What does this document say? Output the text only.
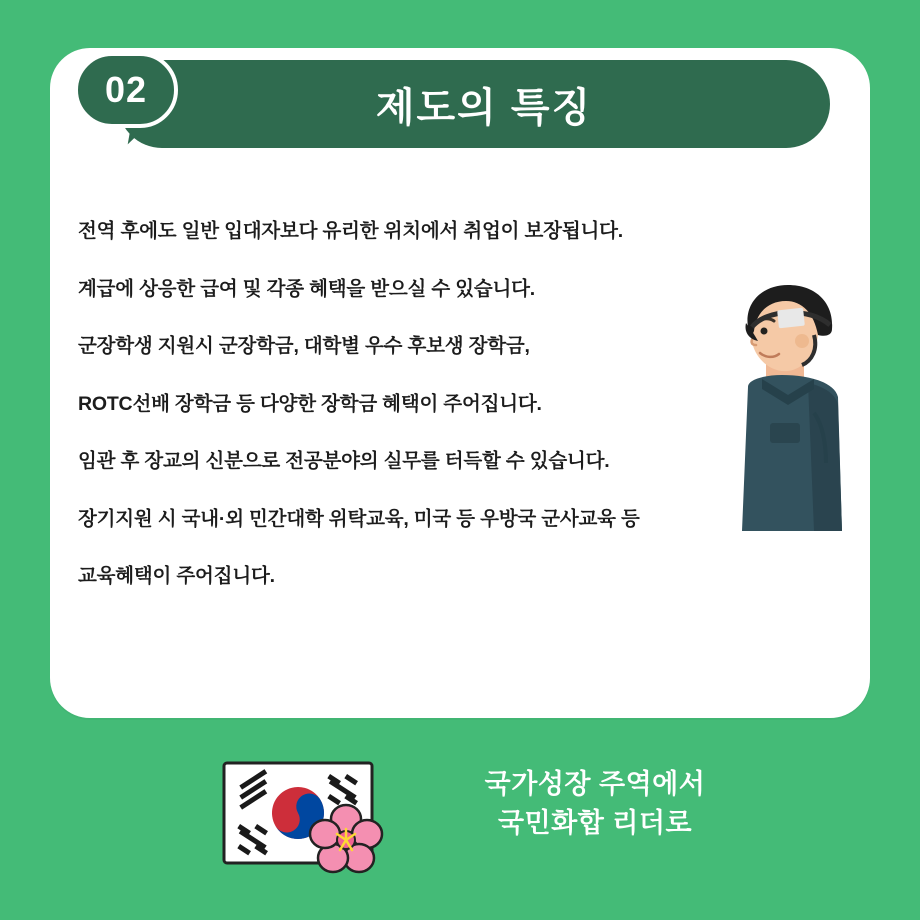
제도의 특징
02
전역 후에도 일반 입대자보다 유리한 위치에서 취업이 보장됩니다.
계급에 상응한 급여 및 각종 혜택을 받으실 수 있습니다.
군장학생 지원시 군장학금, 대학별 우수 후보생 장학금,
ROTC선배 장학금 등 다양한 장학금 혜택이 주어집니다.
임관 후 장교의 신분으로 전공분야의 실무를 터득할 수 있습니다.
장기지원 시 국내·외 민간대학 위탁교육, 미국 등 우방국 군사교육 등
교육혜택이 주어집니다.
국가성장 주역에서
국민화합 리더로
